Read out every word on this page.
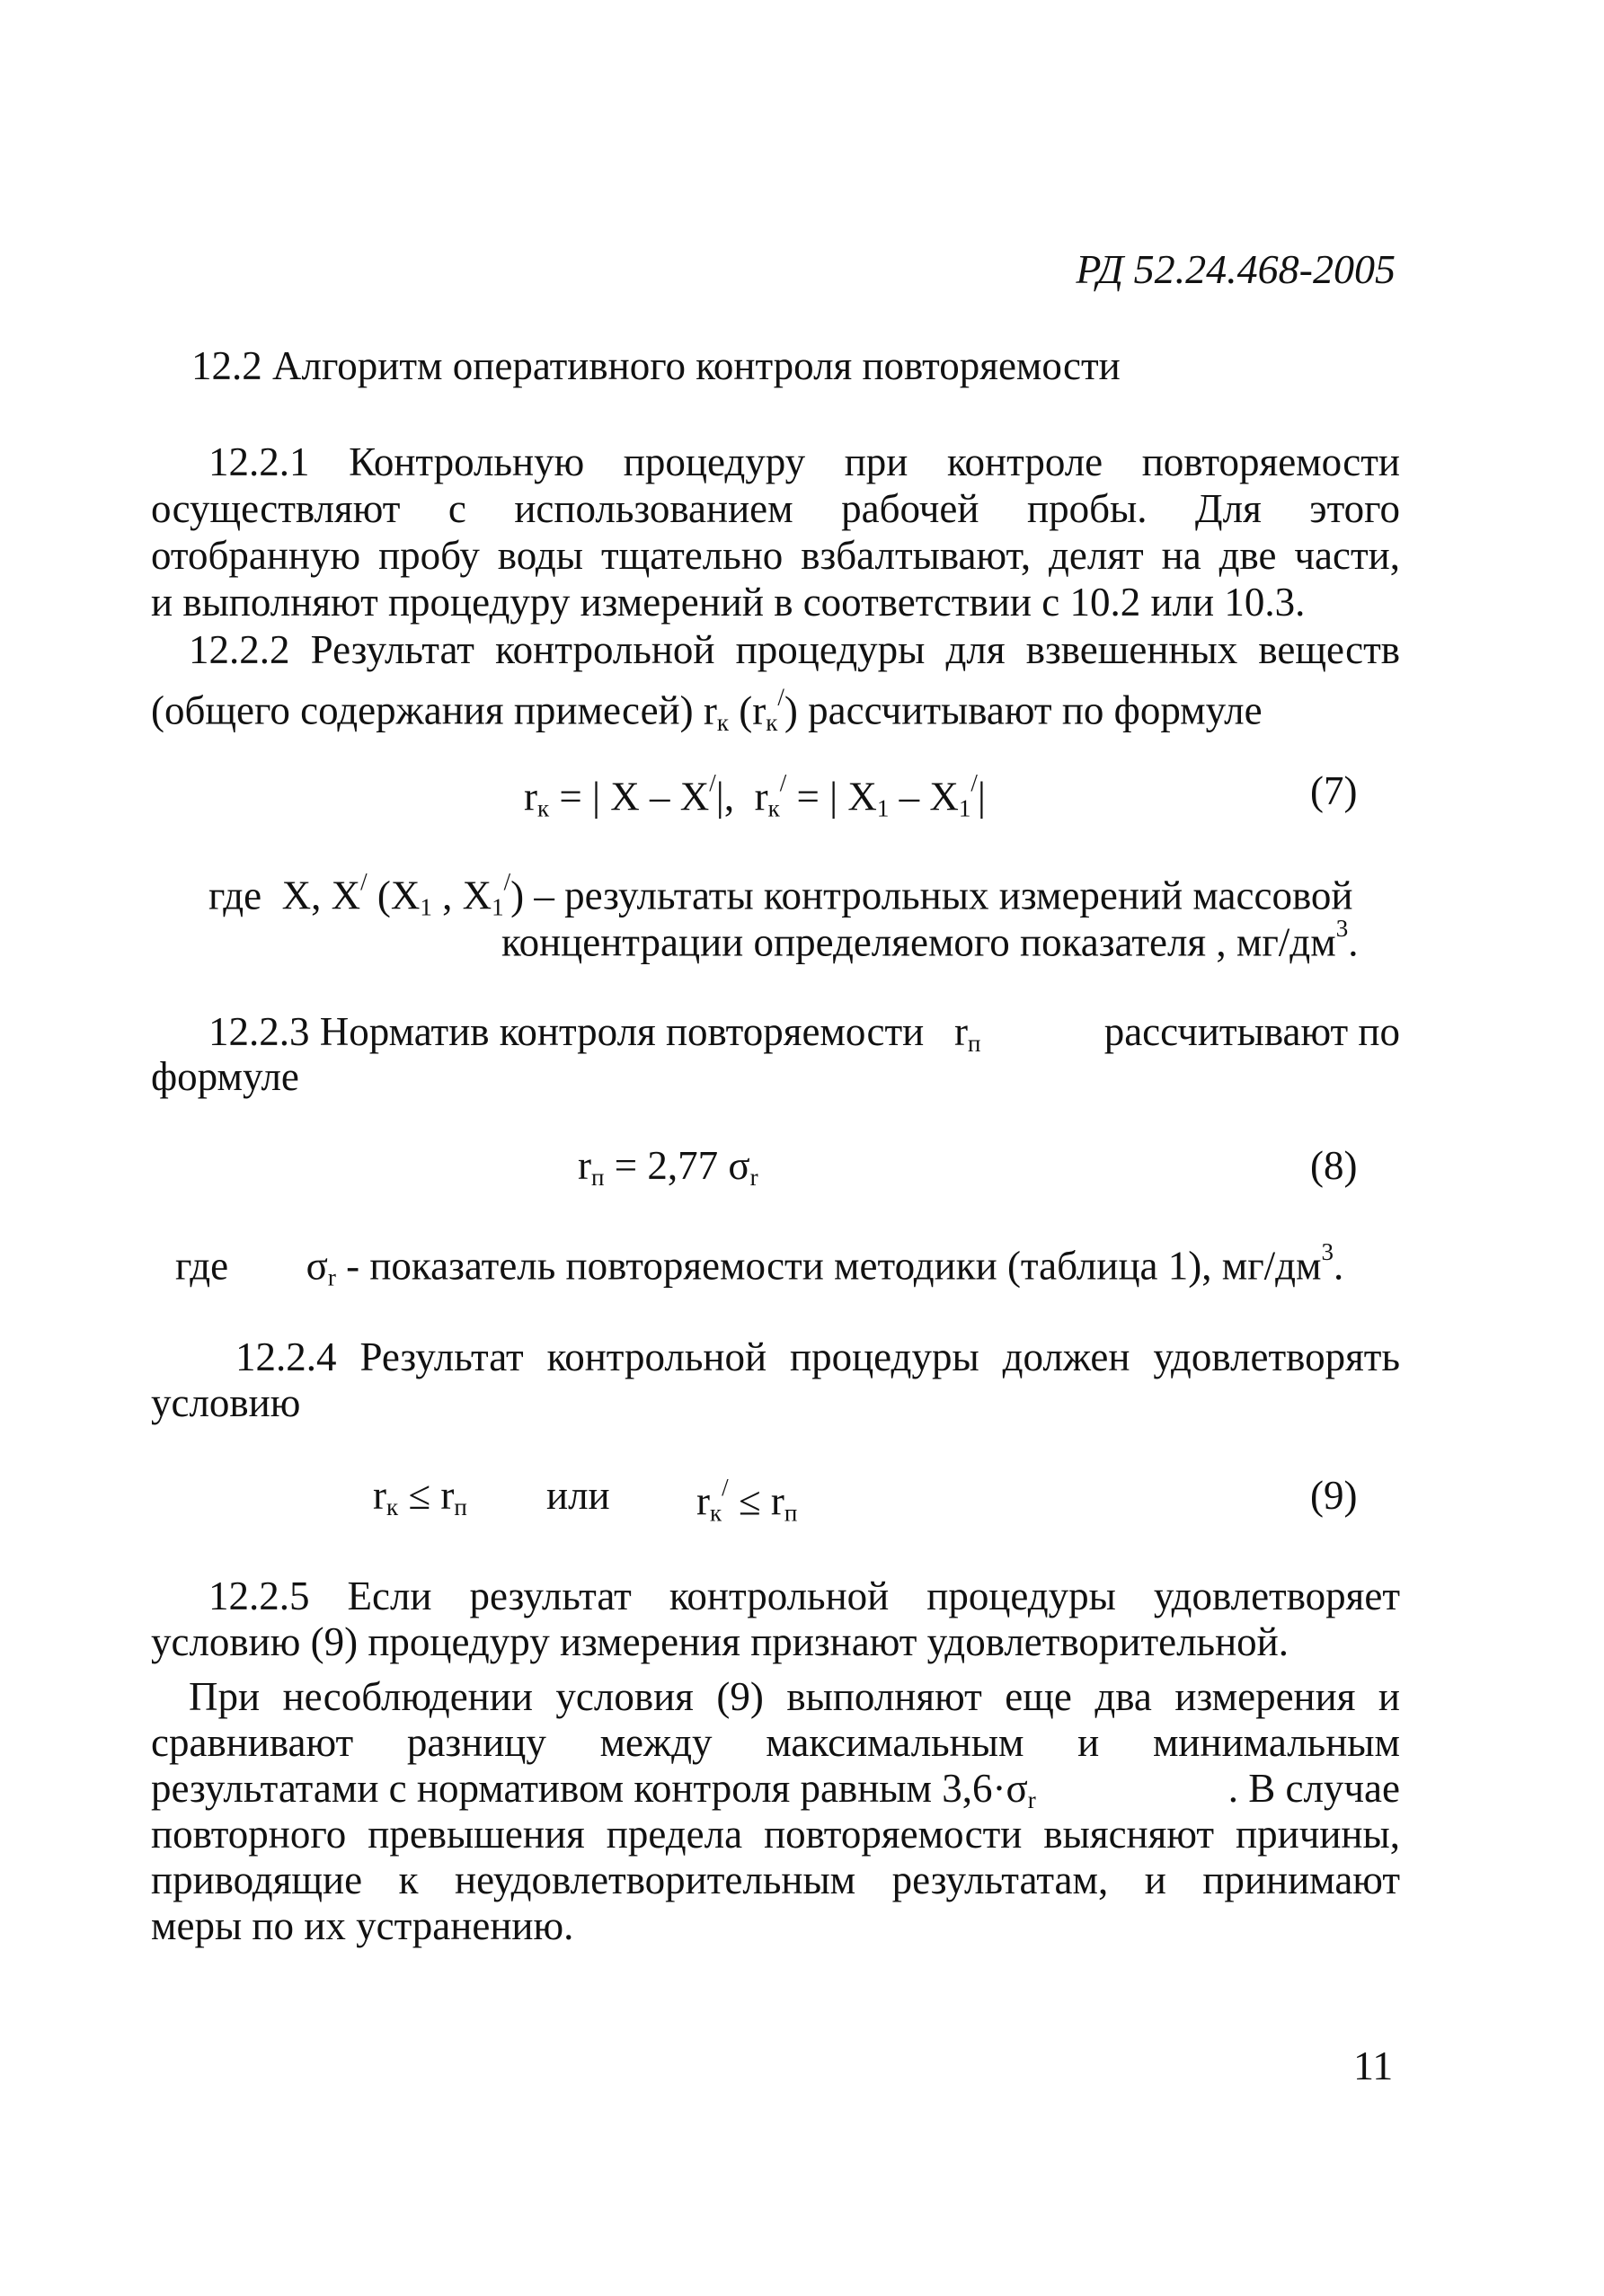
РД 52.24.468-2005
12.2 Алгоритм оперативного контроля повторяемости
12.2.1 Контрольную процедуру при контроле повторяемости
осуществляют с использованием рабочей пробы. Для этого
отобранную пробу воды тщательно взбалтывают, делят на две части,
и выполняют процедуру измерений в соответствии с 10.2 или 10.3.
12.2.2 Результат контрольной процедуры для взвешенных веществ
(общего содержания примесей) $r_к$ $(r_к^/)$ рассчитывают по формуле
$r_к$ = | X – X/|, $r_к^/$ = | $X_1 - X_1^/|$	(7)
где X, X/ ($X_1$ , $X_1^/$) – результаты контрольных измерений массовой
концентрации определяемого показателя , $мг/дм^3$.
12.2.3 Норматив контроля повторяемости $r_п$	рассчитывают по
формуле
$r_п = 2,77$ $\sigma_r$	(8)
где $\sigma_r$ - показатель повторяемости методики (таблица 1), $мг/дм^3$.
12.2.4 Результат контрольной процедуры должен удовлетворять
условию
$r_к \le r_п$ или $r_к^/ \le r_п$	(9)
12.2.5 Если результат контрольной процедуры удовлетворяет
условию (9) процедуру измерения признают удовлетворительной.
При несоблюдении условия (9) выполняют еще два измерения и
сравнивают разницу между максимальным и минимальным
результатами с нормативом контроля равным $3,6\cdot\sigma_r$	. В случае
повторного превышения предела повторяемости выясняют причины,
приводящие к неудовлетворительным результатам, и принимают
меры по их устранению.
11
